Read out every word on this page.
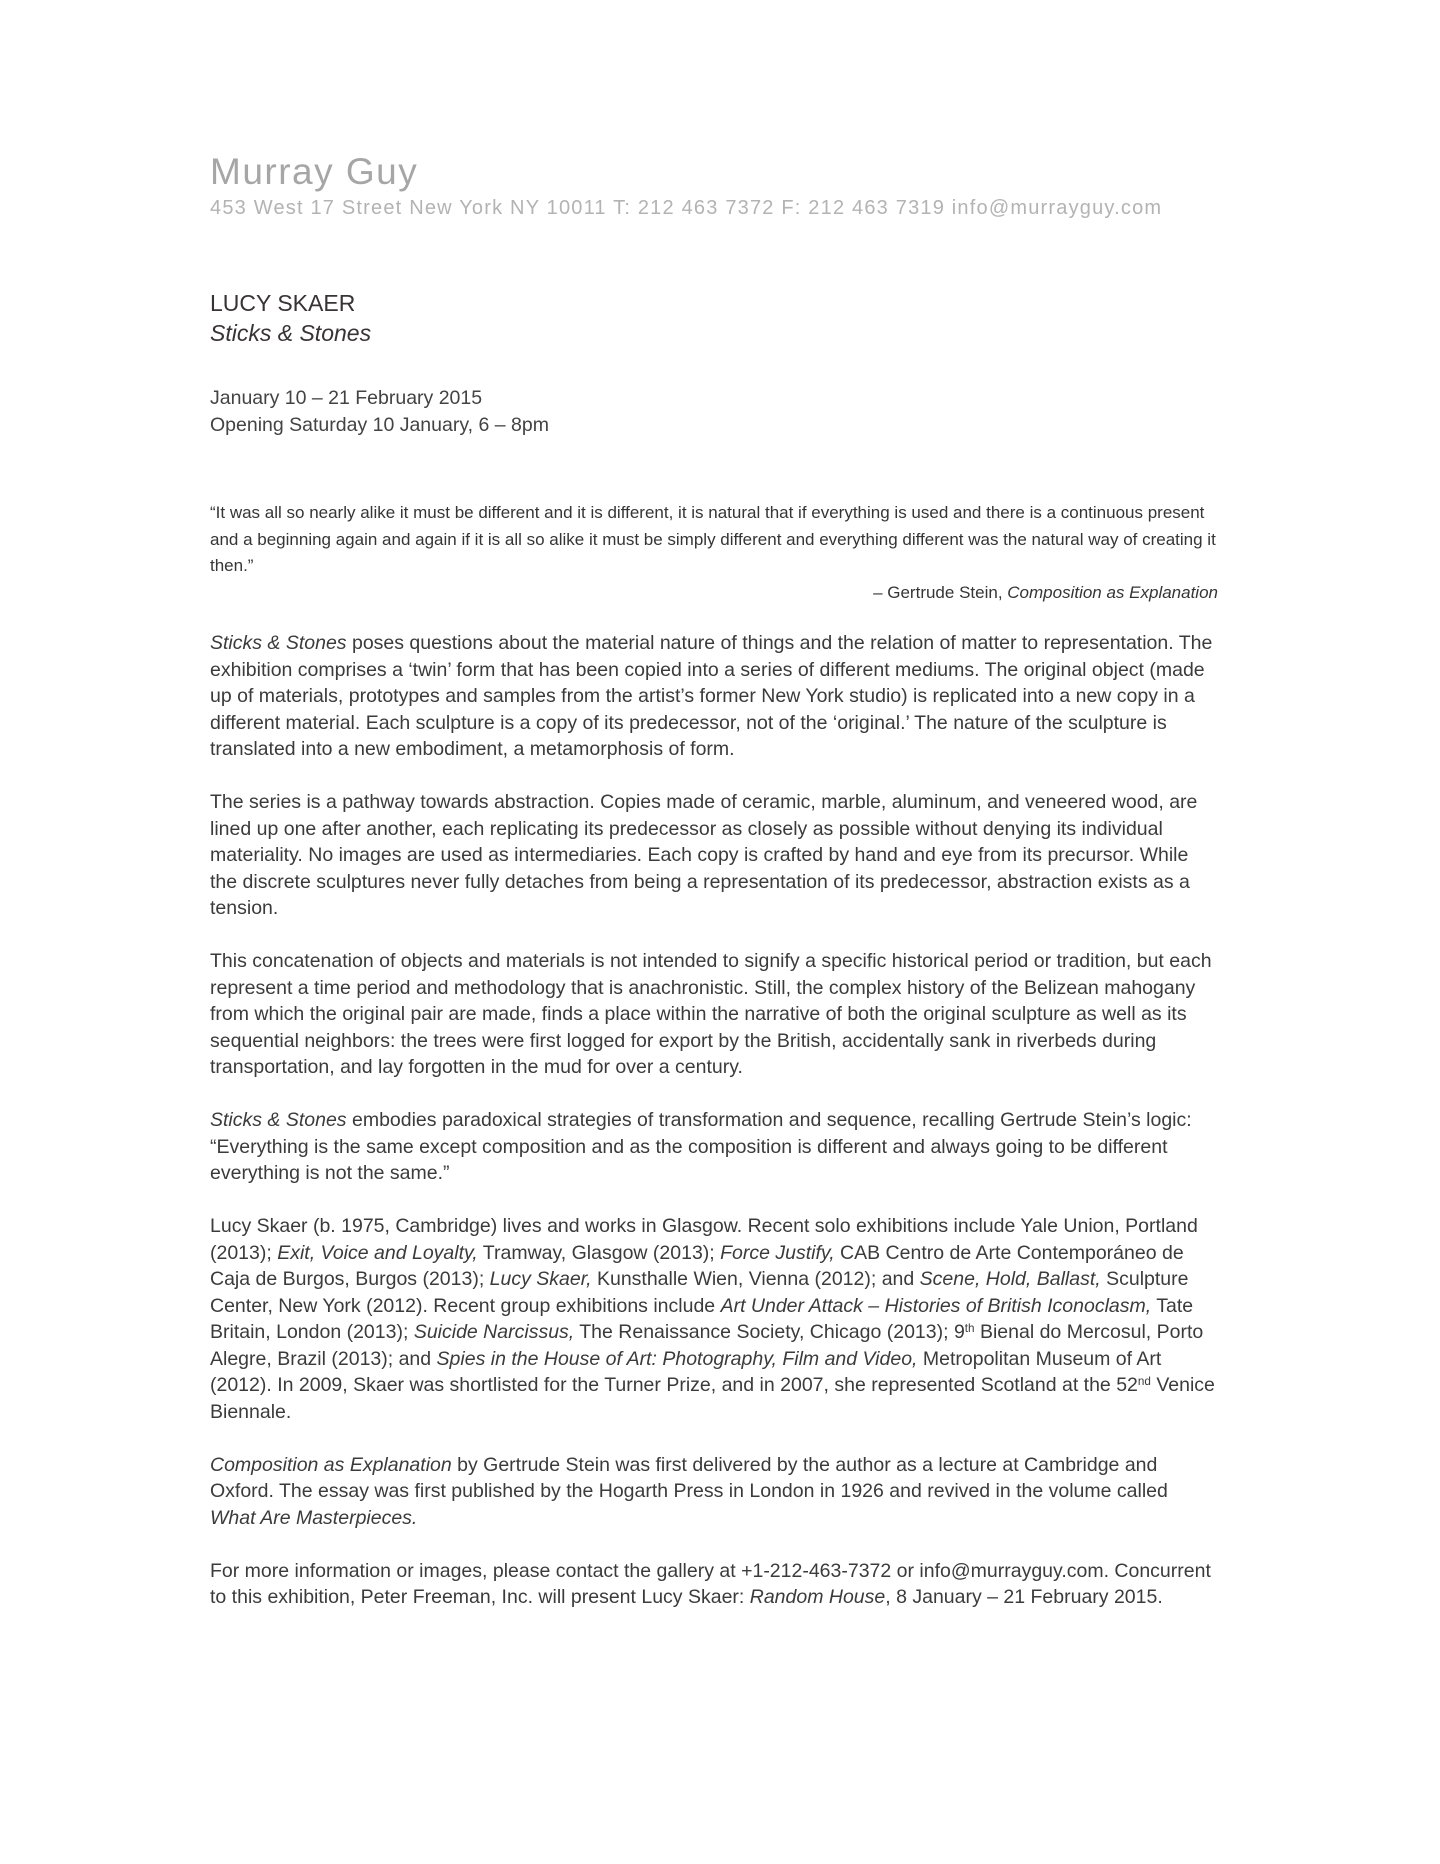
Murray Guy
453 West 17 Street New York NY 10011 T: 212 463 7372 F: 212 463 7319 info@murrayguy.com
LUCY SKAER
Sticks & Stones
January 10 – 21 February 2015
Opening Saturday 10 January, 6 – 8pm
“It was all so nearly alike it must be different and it is different, it is natural that if everything is used and there is a continuous present and a beginning again and again if it is all so alike it must be simply different and everything different was the natural way of creating it then.”
– Gertrude Stein, Composition as Explanation

Sticks & Stones poses questions about the material nature of things and the relation of matter to representation. The exhibition comprises a ‘twin’ form that has been copied into a series of different mediums. The original object (made up of materials, prototypes and samples from the artist’s former New York studio) is replicated into a new copy in a different material. Each sculpture is a copy of its predecessor, not of the ‘original.’ The nature of the sculpture is translated into a new embodiment, a metamorphosis of form.

The series is a pathway towards abstraction. Copies made of ceramic, marble, aluminum, and veneered wood, are lined up one after another, each replicating its predecessor as closely as possible without denying its individual materiality. No images are used as intermediaries. Each copy is crafted by hand and eye from its precursor. While the discrete sculptures never fully detaches from being a representation of its predecessor, abstraction exists as a tension.

This concatenation of objects and materials is not intended to signify a specific historical period or tradition, but each represent a time period and methodology that is anachronistic. Still, the complex history of the Belizean mahogany from which the original pair are made, finds a place within the narrative of both the original sculpture as well as its sequential neighbors: the trees were first logged for export by the British, accidentally sank in riverbeds during transportation, and lay forgotten in the mud for over a century.

Sticks & Stones embodies paradoxical strategies of transformation and sequence, recalling Gertrude Stein’s logic: “Everything is the same except composition and as the composition is different and always going to be different everything is not the same.”

Lucy Skaer (b. 1975, Cambridge) lives and works in Glasgow. Recent solo exhibitions include Yale Union, Portland (2013); Exit, Voice and Loyalty, Tramway, Glasgow (2013); Force Justify, CAB Centro de Arte Contemporáneo de Caja de Burgos, Burgos (2013); Lucy Skaer, Kunsthalle Wien, Vienna (2012); and Scene, Hold, Ballast, Sculpture Center, New York (2012). Recent group exhibitions include Art Under Attack – Histories of British Iconoclasm, Tate Britain, London (2013); Suicide Narcissus, The Renaissance Society, Chicago (2013); 9th Bienal do Mercosul, Porto Alegre, Brazil (2013); and Spies in the House of Art: Photography, Film and Video, Metropolitan Museum of Art (2012). In 2009, Skaer was shortlisted for the Turner Prize, and in 2007, she represented Scotland at the 52nd Venice Biennale.

Composition as Explanation by Gertrude Stein was first delivered by the author as a lecture at Cambridge and Oxford. The essay was first published by the Hogarth Press in London in 1926 and revived in the volume called What Are Masterpieces.

For more information or images, please contact the gallery at +1-212-463-7372 or info@murrayguy.com. Concurrent to this exhibition, Peter Freeman, Inc. will present Lucy Skaer: Random House, 8 January – 21 February 2015.
